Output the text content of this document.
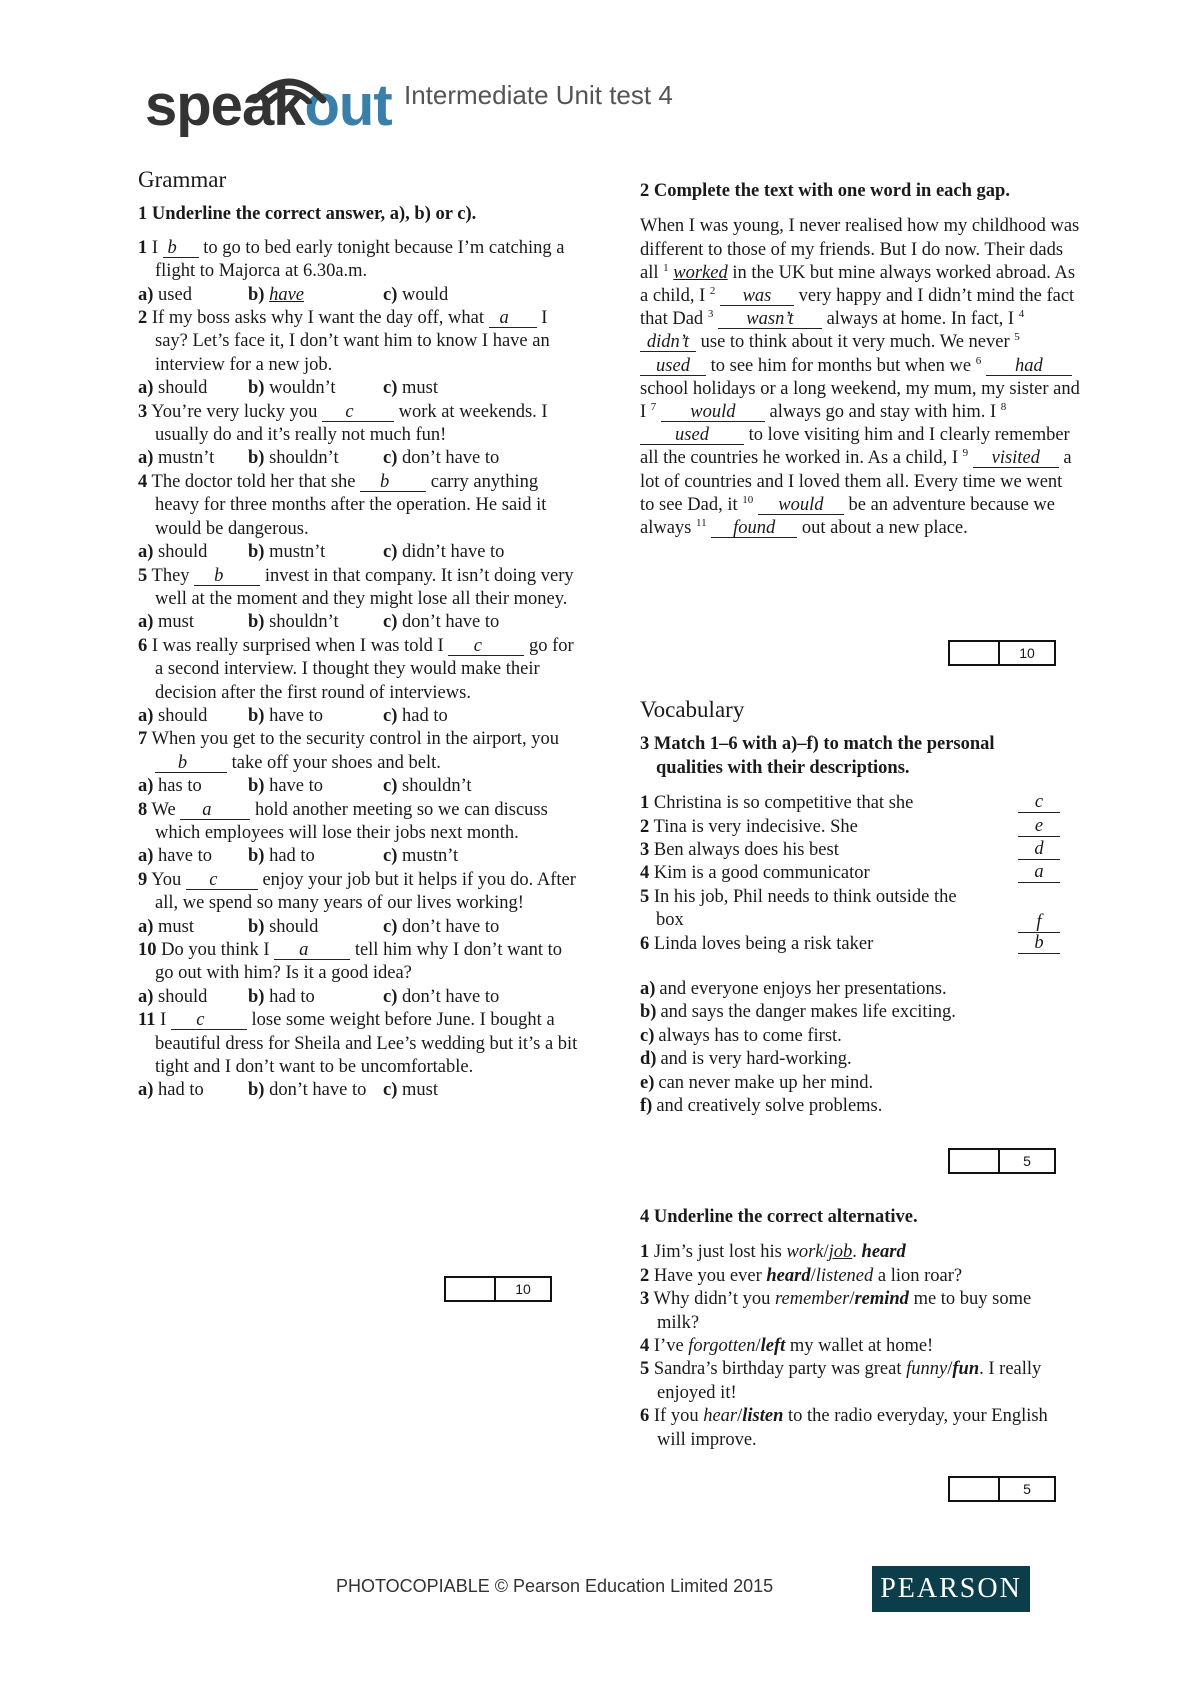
speakout Intermediate Unit test 4
Grammar
1 Underline the correct answer, a), b) or c).

1 I b to go to bed early tonight because I’m catching a flight to Majorca at 6.30a.m.

a) used	b) have	c) would

2 If my boss asks why I want the day off, what a I say? Let’s face it, I don’t want him to know I have an interview for a new job.

a) should	b) wouldn’t	c) must

3 You’re very lucky you c work at weekends. I usually do and it’s really not much fun!

a) mustn’t	b) shouldn’t	c) don’t have to

4 The doctor told her that she b carry anything heavy for three months after the operation. He said it would be dangerous.

a) should	b) mustn’t	c) didn’t have to

5 They b invest in that company. It isn’t doing very well at the moment and they might lose all their money.

a) must	b) shouldn’t	c) don’t have to

6 I was really surprised when I was told I c go for a second interview. I thought they would make their decision after the first round of interviews.

a) should	b) have to	c) had to

7 When you get to the security control in the airport, you b take off your shoes and belt.

a) has to	b) have to	c) shouldn’t

8 We a hold another meeting so we can discuss which employees will lose their jobs next month.

a) have to	b) had to	c) mustn’t

9 You c enjoy your job but it helps if you do. After all, we spend so many years of our lives working!

a) must	b) should	c) don’t have to

10 Do you think I a tell him why I don’t want to go out with him? Is it a good idea?

a) should	b) had to	c) don’t have to

11 I c lose some weight before June. I bought a beautiful dress for Sheila and Lee’s wedding but it’s a bit tight and I don’t want to be uncomfortable.

a) had to	b) don’t have to c) must

10
2 Complete the text with one word in each gap.

When I was young, I never realised how my childhood was different to those of my friends. But I do now. Their dads all $^1$ worked in the UK but mine always worked abroad. As a child, I $^2$ was very happy and I didn’t mind the fact that Dad $^3$ wasn’t always at home. In fact, I $^4$ didn’t use to think about it very much. We never $^5$ used to see him for months but when we $^6$ had school holidays or a long weekend, my mum, my sister and I $^7$ would always go and stay with him. I $^8$ used to love visiting him and I clearly remember all the countries he worked in. As a child, I $^9$ visited a lot of countries and I loved them all. Every time we went to see Dad, it $^{10}$ would be an adventure because we always $^{11}$ found out about a new place.

10
Vocabulary
3 Match 1–6 with a)–f) to match the personal qualities with their descriptions.
1 Christina is so competitive that she	c
2 Tina is very indecisive. She	e
3 Ben always does his best	d
4 Kim is a good communicator	a
5 In his job, Phil needs to think outside the box	f
6 Linda loves being a risk taker	b

a) and everyone enjoys her presentations.

b) and says the danger makes life exciting.

c) always has to come first.

d) and is very hard-working.

e) can never make up her mind.

f) and creatively solve problems.

5
4 Underline the correct alternative.

1 Jim’s just lost his work/job. heard

2 Have you ever heard/listened a lion roar?

3 Why didn’t you remember/remind me to buy some milk?

4 I’ve forgotten/left my wallet at home!

5 Sandra’s birthday party was great funny/fun. I really enjoyed it!

6 If you hear/listen to the radio everyday, your English will improve.

5
PHOTOCOPIABLE © Pearson Education Limited 2015	PEARSON
